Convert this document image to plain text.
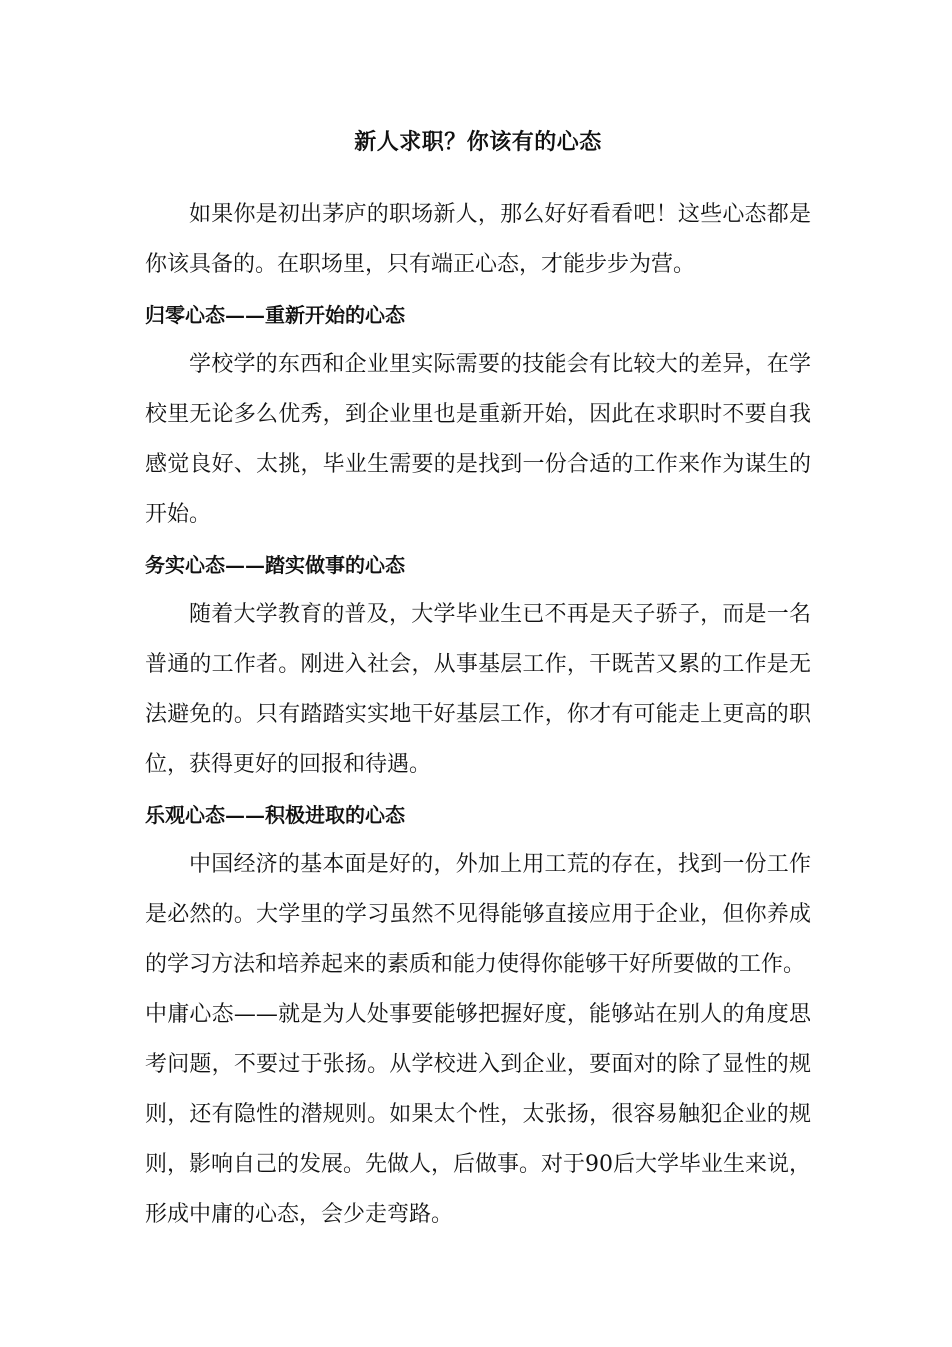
新人求职？你该有的心态

如果你是初出茅庐的职场新人，那么好好看看吧！这些心态都是你该具备的。在职场里，只有端正心态，才能步步为营。

归零心态——重新开始的心态

学校学的东西和企业里实际需要的技能会有比较大的差异，在学校里无论多么优秀，到企业里也是重新开始，因此在求职时不要自我感觉良好、太挑，毕业生需要的是找到一份合适的工作来作为谋生的开始。

务实心态——踏实做事的心态

随着大学教育的普及，大学毕业生已不再是天子骄子，而是一名普通的工作者。刚进入社会，从事基层工作，干既苦又累的工作是无法避免的。只有踏踏实实地干好基层工作，你才有可能走上更高的职位，获得更好的回报和待遇。

乐观心态——积极进取的心态

中国经济的基本面是好的，外加上用工荒的存在，找到一份工作是必然的。大学里的学习虽然不见得能够直接应用于企业，但你养成的学习方法和培养起来的素质和能力使得你能够干好所要做的工作。

中庸心态——就是为人处事要能够把握好度，能够站在别人的角度思考问题，不要过于张扬。从学校进入到企业，要面对的除了显性的规则，还有隐性的潜规则。如果太个性，太张扬，很容易触犯企业的规则，影响自己的发展。先做人，后做事。对于90后大学毕业生来说，形成中庸的心态，会少走弯路。
